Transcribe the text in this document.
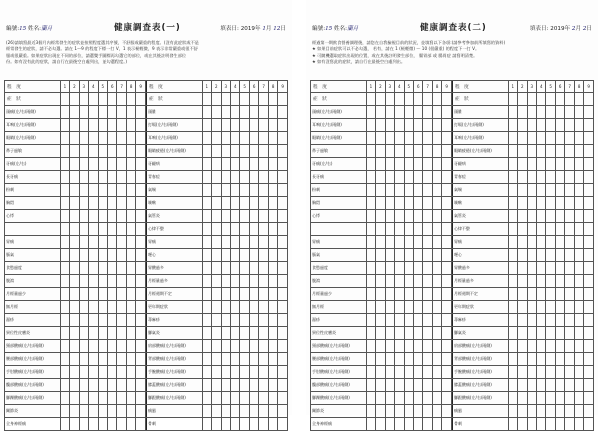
編號:15 姓名:蘭月	健康調查表(一)	填表日: 2019年 1月 12日
(26)請填寫最近3個月內經常發生的症狀並按照程度選其序號，不舒服或嚴重的程度。(沒有此症狀或不是
經常發生的症狀，請不必勾選。請在 1～9 的程度下標一打 V，1 表示極輕微，9 表示非常嚴重或很不舒
服或很嚴重。如果症狀出現在不同的部位，請選雙手圖標再勾選它的部位，或在其後註明發生部位
份。如有沒有此的症狀，請自行在最後空白處列出，並勾選程度。)
程　度	1	2	3	4	5	6	7	8	9		程　度	1	2	3	4	5	6	7	8	9
症　狀											症　狀									
頭痛(左/右/兩側)											頭暈									
耳鳴(左/右/兩側)											打嗝(左/右/兩側)									
眼睛(左/右/兩側)											耳鳴(左/右/兩側)									
鼻子過敏											眼睛疲倦(左/右/兩側)									
牙痛(左/右)											牙齦病									
長牙痛											青春痘									
粉刺											氣喘									
胸悶											咳嗽									
心悸											氣管炎									
											心律不整									
胃痛											胃痛									
脹氣											噁心									
食慾過度											胃酸過多									
腹瀉											月經量過多									
月經量過少											月經週期不定									
無月經											更年期症狀									
濕疹											蕁麻疹									
異位性皮膚炎											腳氣炎									
頸部酸痛(左/右/兩側)											肩部酸痛(左/右/兩側)									
腰部酸痛(左/右/兩側)											背部酸痛(左/右/兩側)									
手肘酸痛(左/右/兩側)											手腕酸痛(左/右/兩側)									
髖部酸痛(左/右/兩側)											膝蓋酸痛(左/右/兩側)									
腳踝酸痛(左/右/兩側)											腳跟酸痛(左/右/兩側)									
關節炎											痛風									
全身神經痛											骨刺									
編號:15 姓名:蘭月	健康調查表(二)	填表日: 2019年 2月 2日
經過第一期飲食營養調理後，請您在自我檢視目前的狀況，並填寫以下各項:(請參考參加前所填寫的資料)
★ 如果目前症狀可以不必勾選， 若有，請在 1 (極輕微) ～ 10 (很嚴重) 的程度下一打 V。
★ 可隨機選取症狀出現的位置，或在其後註明發生部位， 腸胃部 或 腸胃症 請寫明清楚。
★ 如有沒寫此的症狀，請自行在最後空白處列出。
程　度	1	2	3	4	5	6	7	8	9		程　度	1	2	3	4	5	6	7	8	9
症　狀											症　狀									
頭痛(左/右/兩側)											頭暈									
耳鳴(左/右/兩側)											打嗝(左/右/兩側)									
眼睛(左/右/兩側)											耳鳴(左/右/兩側)									
鼻子過敏											眼睛疲倦(左/右/兩側)									
牙痛(左/右)											牙齦病									
長牙痛											青春痘									
粉刺											氣喘									
胸悶											咳嗽									
心悸											氣管炎									
											心律不整									
胃痛											胃痛									
脹氣											噁心									
食慾過度											胃酸過多									
腹瀉											月經量過多									
月經量過少											月經週期不定									
無月經											更年期症狀									
濕疹											蕁麻疹									
異位性皮膚炎											腳氣炎									
頸部酸痛(左/右/兩側)											肩部酸痛(左/右/兩側)									
腰部酸痛(左/右/兩側)											背部酸痛(左/右/兩側)									
手肘酸痛(左/右/兩側)											手腕酸痛(左/右/兩側)									
髖部酸痛(左/右/兩側)											膝蓋酸痛(左/右/兩側)									
腳踝酸痛(左/右/兩側)											腳跟酸痛(左/右/兩側)									
關節炎											痛風									
全身神經痛											骨刺									
